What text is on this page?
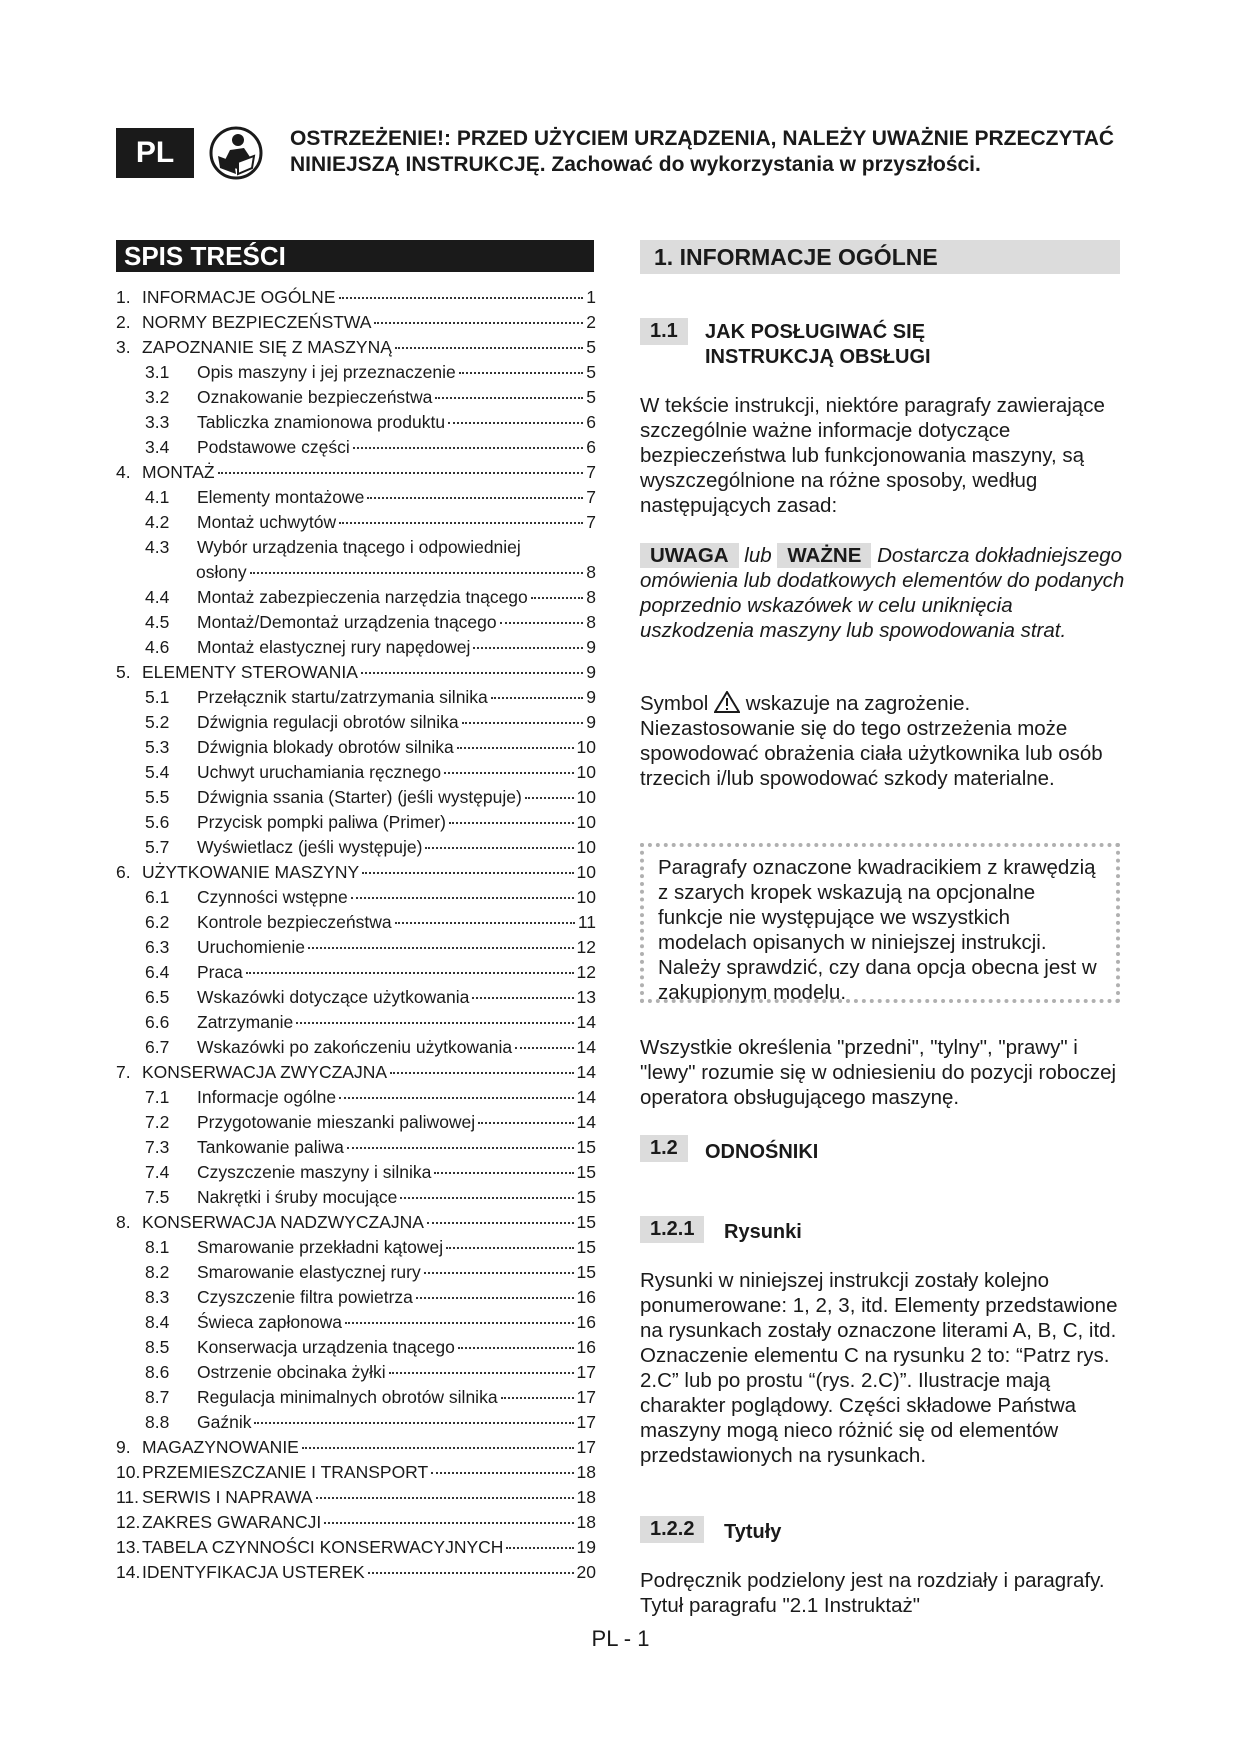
PL	OSTRZEŻENIE!: PRZED UŻYCIEM URZĄDZENIA, NALEŻY UWAŻNIE PRZECZYTAĆ
NINIEJSZĄ INSTRUKCJĘ. Zachować do wykorzystania w przyszłości.
SPIS TREŚCI
1. INFORMACJE OGÓLNE	1
2. NORMY BEZPIECZEŃSTWA	2
3. ZAPOZNANIE SIĘ Z MASZYNĄ	5
3.1	Opis maszyny i jej przeznaczenie	5
3.2	Oznakowanie bezpieczeństwa	5
3.3	Tabliczka znamionowa produktu	6
3.4	Podstawowe części	6
4. MONTAŻ	7
4.1	Elementy montażowe	7
4.2	Montaż uchwytów	7
4.3	Wybór urządzenia tnącego i odpowiedniej
osłony	8
4.4	Montaż zabezpieczenia narzędzia tnącego	8
4.5	Montaż/Demontaż urządzenia tnącego	8
4.6	Montaż elastycznej rury napędowej	9
5. ELEMENTY STEROWANIA	9
5.1	Przełącznik startu/zatrzymania silnika	9
5.2	Dźwignia regulacji obrotów silnika	9
5.3	Dźwignia blokady obrotów silnika	10
5.4	Uchwyt uruchamiania ręcznego	10
5.5	Dźwignia ssania (Starter) (jeśli występuje)	10
5.6	Przycisk pompki paliwa (Primer)	10
5.7	Wyświetlacz (jeśli występuje)	10
6. UŻYTKOWANIE MASZYNY	10
6.1	Czynności wstępne	10
6.2	Kontrole bezpieczeństwa	11
6.3	Uruchomienie	12
6.4	Praca	12
6.5	Wskazówki dotyczące użytkowania	13
6.6	Zatrzymanie	14
6.7	Wskazówki po zakończeniu użytkowania	14
7. KONSERWACJA ZWYCZAJNA	14
7.1	Informacje ogólne	14
7.2	Przygotowanie mieszanki paliwowej	14
7.3	Tankowanie paliwa	15
7.4	Czyszczenie maszyny i silnika	15
7.5	Nakrętki i śruby mocujące	15
8. KONSERWACJA NADZWYCZAJNA	15
8.1	Smarowanie przekładni kątowej	15
8.2	Smarowanie elastycznej rury	15
8.3	Czyszczenie filtra powietrza	16
8.4	Świeca zapłonowa	16
8.5	Konserwacja urządzenia tnącego	16
8.6	Ostrzenie obcinaka żyłki	17
8.7	Regulacja minimalnych obrotów silnika	17
8.8	Gaźnik	17
9. MAGAZYNOWANIE	17
10. PRZEMIESZCZANIE I TRANSPORT	18
11. SERWIS I NAPRAWA	18
12. ZAKRES GWARANCJI	18
13. TABELA CZYNNOŚCI KONSERWACYJNYCH	19
14. IDENTYFIKACJA USTEREK	20
1. INFORMACJE OGÓLNE
1.1	JAK POSŁUGIWAĆ SIĘ
INSTRUKCJĄ OBSŁUGI
W tekście instrukcji, niektóre paragrafy zawierające szczególnie ważne informacje dotyczące bezpieczeństwa lub funkcjonowania maszyny, są wyszczególnione na różne sposoby, według następujących zasad:
UWAGA lub WAŻNE Dostarcza dokładniejszego omówienia lub dodatkowych elementów do podanych poprzednio wskazówek w celu uniknięcia uszkodzenia maszyny lub spowodowania strat.
Symbol wskazuje na zagrożenie. Niezastosowanie się do tego ostrzeżenia może spowodować obrażenia ciała użytkownika lub osób trzecich i/lub spowodować szkody materialne.
Paragrafy oznaczone kwadracikiem z krawędzią z szarych kropek wskazują na opcjonalne funkcje nie występujące we wszystkich modelach opisanych w niniejszej instrukcji. Należy sprawdzić, czy dana opcja obecna jest w zakupionym modelu.
Wszystkie określenia "przedni", "tylny", "prawy" i "lewy" rozumie się w odniesieniu do pozycji roboczej operatora obsługującego maszynę.
1.2	ODNOŚNIKI
1.2.1	Rysunki
Rysunki w niniejszej instrukcji zostały kolejno ponumerowane: 1, 2, 3, itd. Elementy przedstawione na rysunkach zostały oznaczone literami A, B, C, itd. Oznaczenie elementu C na rysunku 2 to: “Patrz rys. 2.C” lub po prostu “(rys. 2.C)”. Ilustracje mają charakter poglądowy. Części składowe Państwa maszyny mogą nieco różnić się od elementów przedstawionych na rysunkach.
1.2.2	Tytuły
Podręcznik podzielony jest na rozdziały i paragrafy. Tytuł paragrafu "2.1 Instruktaż"
PL - 1
